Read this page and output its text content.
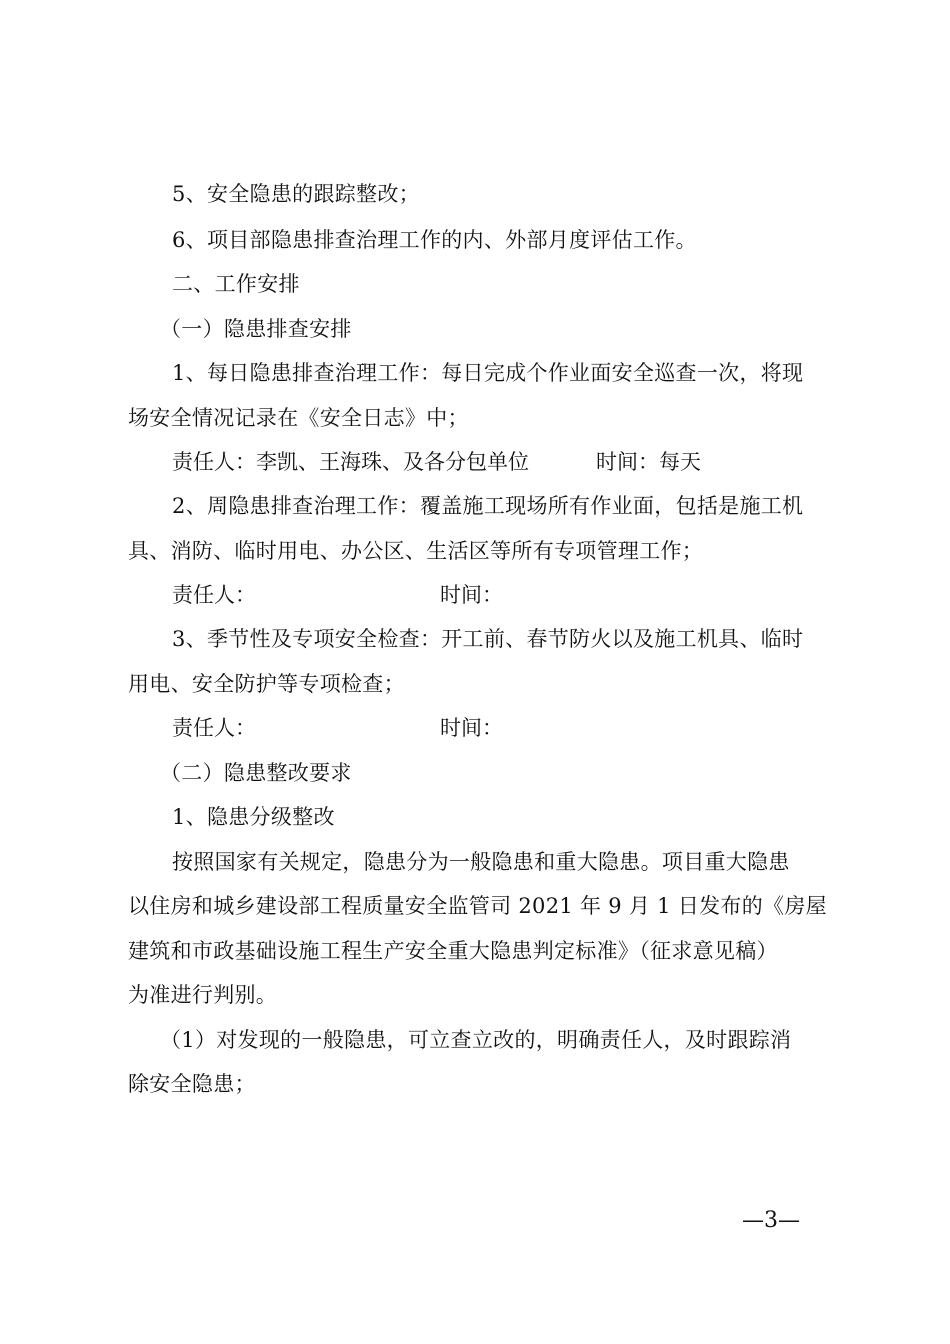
5、安全隐患的跟踪整改；
6、项目部隐患排查治理工作的内、外部月度评估工作。
二、工作安排
（一）隐患排查安排
1、每日隐患排查治理工作：每日完成个作业面安全巡查一次，将现
场安全情况记录在《安全日志》中；
责任人：李凯、王海珠、及各分包单位	时间：每天
2、周隐患排查治理工作：覆盖施工现场所有作业面，包括是施工机
具、消防、临时用电、办公区、生活区等所有专项管理工作；
责任人：	时间：
3、季节性及专项安全检查：开工前、春节防火以及施工机具、临时
用电、安全防护等专项检查；
责任人：	时间：
（二）隐患整改要求
1、隐患分级整改
按照国家有关规定，隐患分为一般隐患和重大隐患。项目重大隐患
以住房和城乡建设部工程质量安全监管司 2021 年 9 月 1 日发布的《房屋
建筑和市政基础设施工程生产安全重大隐患判定标准》（征求意见稿）
为准进行判别。
（1）对发现的一般隐患，可立查立改的，明确责任人，及时跟踪消
除安全隐患；
—3—
